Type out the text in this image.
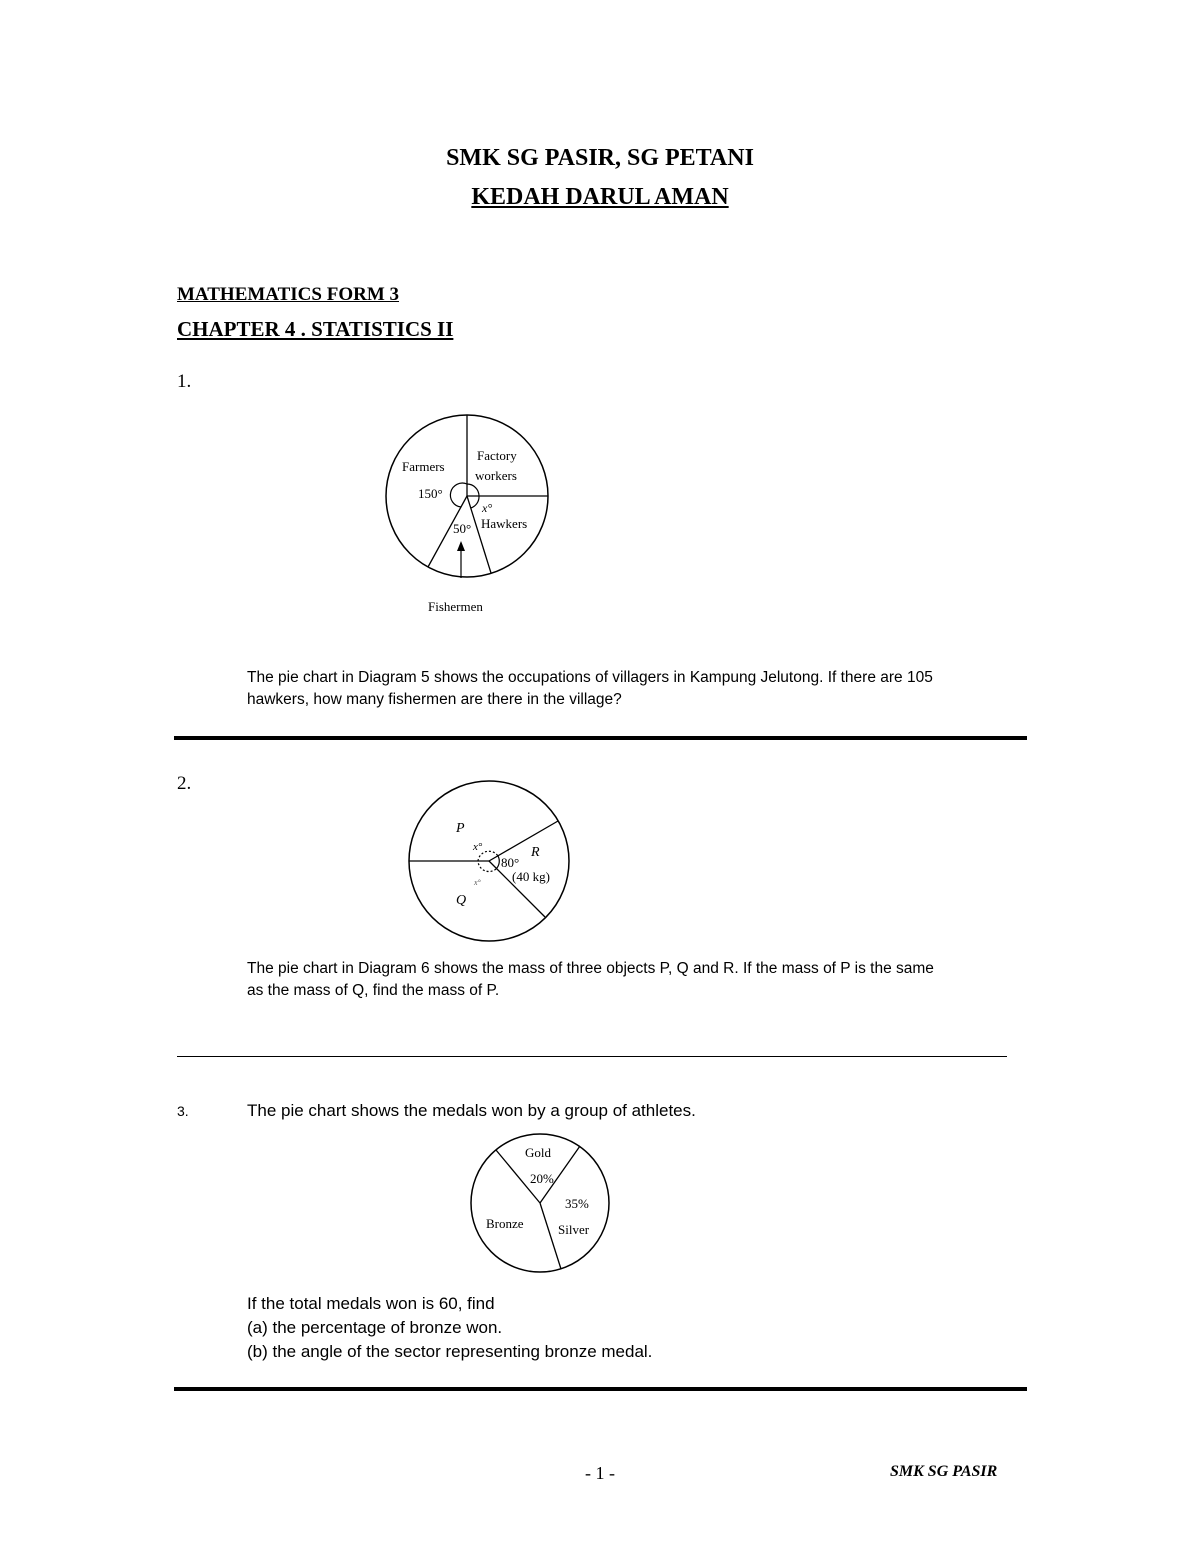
SMK SG PASIR, SG PETANI
KEDAH DARUL AMAN
MATHEMATICS FORM 3
CHAPTER 4 . STATISTICS II
1.
Farmers
150°
Factory
workers
x°
50° Hawkers
Fishermen
The pie chart in Diagram 5 shows the occupations of villagers in Kampung Jelutong. If there are 105
hawkers, how many fishermen are there in the village?
2.
P
x°
80°
R
(40 kg)
x°
Q
The pie chart in Diagram 6 shows the mass of three objects P, Q and R. If the mass of P is the same
as the mass of Q, find the mass of P.
3.	The pie chart shows the medals won by a group of athletes.
Gold
20%
35%
Silver
Bronze
If the total medals won is 60, find
(a) the percentage of bronze won.
(b) the angle of the sector representing bronze medal.
- 1 -	SMK SG PASIR
